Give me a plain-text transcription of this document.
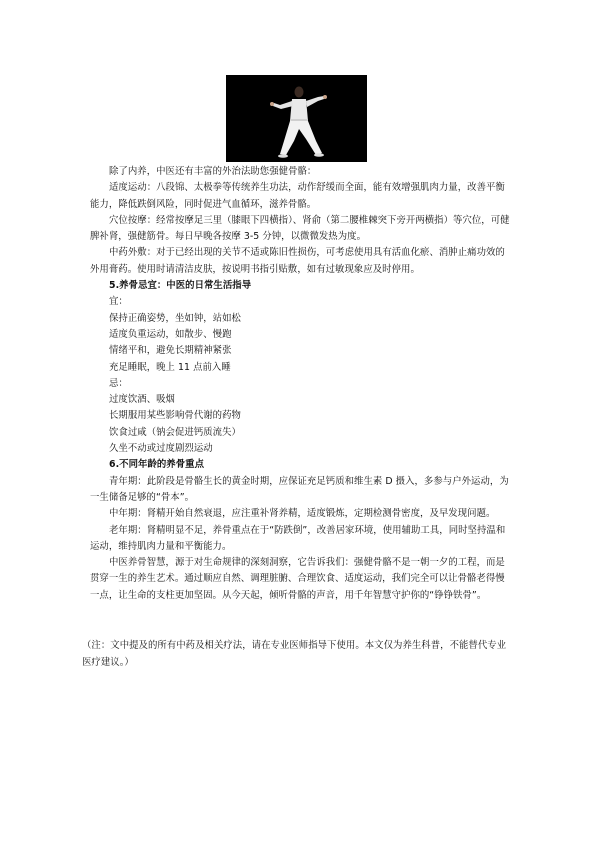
除了内养，中医还有丰富的外治法助您强健骨骼：

适度运动：八段锦、太极拳等传统养生功法，动作舒缓而全面，能有效增强肌肉力量，改善平衡能力，降低跌倒风险，同时促进气血循环，滋养骨骼。

穴位按摩：经常按摩足三里（膝眼下四横指）、肾俞（第二腰椎棘突下旁开两横指）等穴位，可健脾补肾，强健筋骨。每日早晚各按摩 3-5 分钟，以微微发热为度。

中药外敷：对于已经出现的关节不适或陈旧性损伤，可考虑使用具有活血化瘀、消肿止痛功效的外用膏药。使用时请清洁皮肤，按说明书指引贴敷，如有过敏现象应及时停用。

5.养骨忌宜：中医的日常生活指导

宜：

保持正确姿势，坐如钟，站如松

适度负重运动，如散步、慢跑

情绪平和，避免长期精神紧张

充足睡眠，晚上 11 点前入睡

忌：

过度饮酒、吸烟

长期服用某些影响骨代谢的药物

饮食过咸（钠会促进钙质流失）

久坐不动或过度剧烈运动

6.不同年龄的养骨重点

青年期：此阶段是骨骼生长的黄金时期，应保证充足钙质和维生素 D 摄入，多参与户外运动，为一生储备足够的“骨本”。

中年期：肾精开始自然衰退，应注重补肾养精，适度锻炼，定期检测骨密度，及早发现问题。

老年期：肾精明显不足，养骨重点在于“防跌倒”，改善居家环境，使用辅助工具，同时坚持温和运动，维持肌肉力量和平衡能力。

中医养骨智慧，源于对生命规律的深刻洞察，它告诉我们：强健骨骼不是一朝一夕的工程，而是贯穿一生的养生艺术。通过顺应自然、调理脏腑、合理饮食、适度运动，我们完全可以让骨骼老得慢一点，让生命的支柱更加坚固。从今天起，倾听骨骼的声音，用千年智慧守护你的“铮铮铁骨”。

（注：文中提及的所有中药及相关疗法，请在专业医师指导下使用。本文仅为养生科普，不能替代专业医疗建议。）
